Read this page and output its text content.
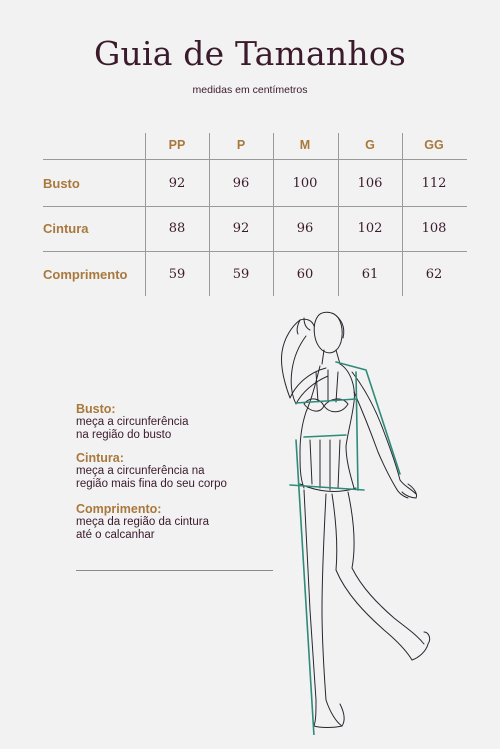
Guia de Tamanhos
medidas em centímetros
PP	P	M	G	GG
Busto	92	96	100	106	112
Cintura	88	92	96	102	108
Comprimento	59	59	60	61	62
Busto:
meça a circunferência
na região do busto
Cintura:
meça a circunferência na
região mais fina do seu corpo
Comprimento:
meça da região da cintura
até o calcanhar
